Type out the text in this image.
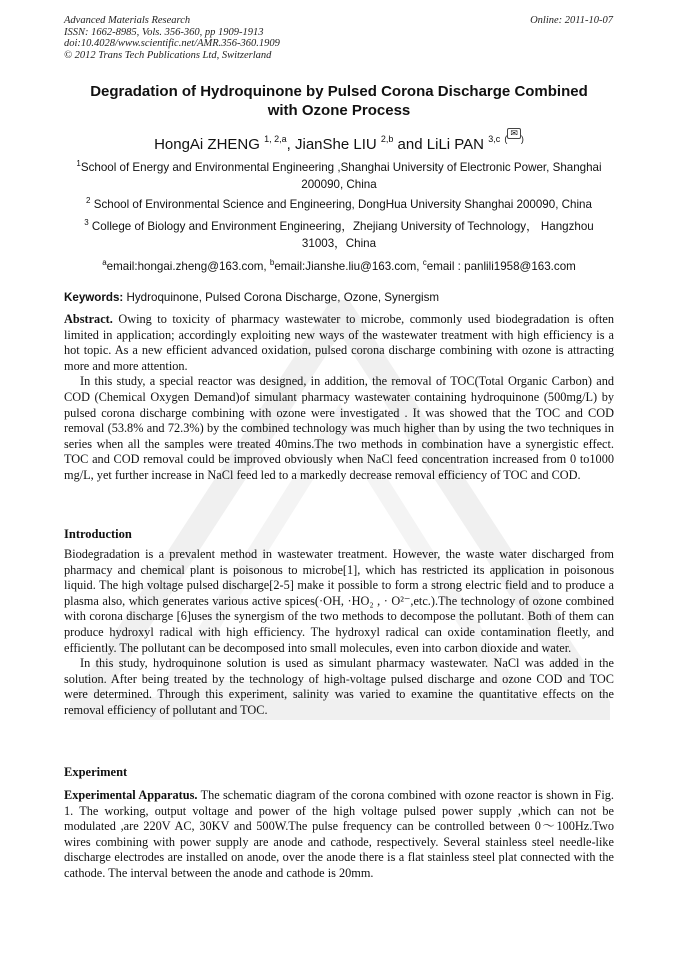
Advanced Materials Research
ISSN: 1662-8985, Vols. 356-360, pp 1909-1913
doi:10.4028/www.scientific.net/AMR.356-360.1909
© 2012 Trans Tech Publications Ltd, Switzerland
Online: 2011-10-07
Degradation of Hydroquinone by Pulsed Corona Discharge Combined
with Ozone Process
HongAi ZHENG $^{1, 2,a}$, JianShe LIU $^{2,b}$ and LiLi PAN $^{3,c}$ (✉)
$^1$School of Energy and Environmental Engineering ,Shanghai University of Electronic Power, Shanghai 200090, China
$^2$ School of Environmental Science and Engineering, DongHua University Shanghai 200090, China
$^3$ College of Biology and Environment Engineering，Zhejiang University of Technology， Hangzhou 31003，China
$^a$email:hongai.zheng@163.com, $^b$email:Jianshe.liu@163.com, $^c$email : panlili1958@163.com
Keywords: Hydroquinone, Pulsed Corona Discharge, Ozone, Synergism

Abstract. Owing to toxicity of pharmacy wastewater to microbe, commonly used biodegradation is often limited in application; accordingly exploiting new ways of the wastewater treatment with high efficiency is a hot topic. As a new efficient advanced oxidation, pulsed corona discharge combining with ozone is attracting more and more attention.

In this study, a special reactor was designed, in addition, the removal of TOC(Total Organic Carbon) and COD (Chemical Oxygen Demand)of simulant pharmacy wastewater containing hydroquinone (500mg/L) by pulsed corona discharge combining with ozone were investigated . It was showed that the TOC and COD removal (53.8% and 72.3%) by the combined technology was much higher than by using the two techniques in series when all the samples were treated 40mins.The two methods in combination have a synergistic effect. TOC and COD removal could be improved obviously when NaCl feed concentration increased from 0 to1000 mg/L, yet further increase in NaCl feed led to a markedly decrease removal efficiency of TOC and COD.

Introduction

Biodegradation is a prevalent method in wastewater treatment. However, the waste water discharged from pharmacy and chemical plant is poisonous to microbe[1], which has restricted its application in poisonous liquid. The high voltage pulsed discharge[2-5] make it possible to form a strong electric field and to produce a plasma also, which generates various active spices(·OH, ·HO₂ , · O²⁻,etc.).The technology of ozone combined with corona discharge [6]uses the synergism of the two methods to decompose the pollutant. Both of them can produce hydroxyl radical with high efficiency. The hydroxyl radical can oxide contamination fleetly, and efficiently. The pollutant can be decomposed into small molecules, even into carbon dioxide and water.

In this study, hydroquinone solution is used as simulant pharmacy wastewater. NaCl was added in the solution. After being treated by the technology of high-voltage pulsed discharge and ozone COD and TOC were determined. Through this experiment, salinity was varied to examine the quantitative effects on the removal efficiency of pollutant and TOC.

Experiment

Experimental Apparatus. The schematic diagram of the corona combined with ozone reactor is shown in Fig. 1. The working, output voltage and power of the high voltage pulsed power supply ,which can not be modulated ,are 220V AC, 30KV and 500W.The pulse frequency can be controlled between 0～100Hz.Two wires combining with power supply are anode and cathode, respectively. Several stainless steel needle-like discharge electrodes are installed on anode, over the anode there is a flat stainless steel plat connected with the cathode. The interval between the anode and cathode is 20mm.
